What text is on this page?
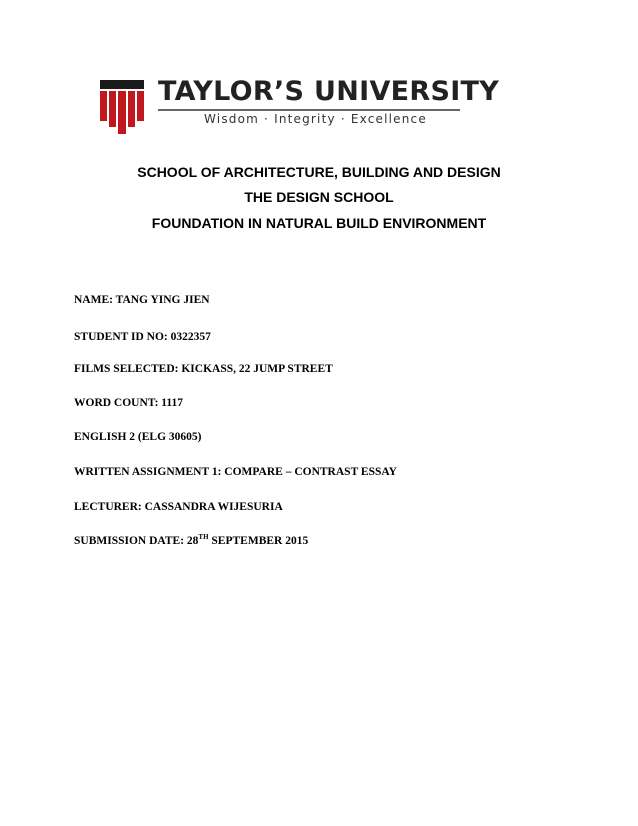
TAYLOR’S UNIVERSITY
Wisdom · Integrity · Excellence
SCHOOL OF ARCHITECTURE, BUILDING AND DESIGN
THE DESIGN SCHOOL
FOUNDATION IN NATURAL BUILD ENVIRONMENT
NAME: TANG YING JIEN
STUDENT ID NO: 0322357
FILMS SELECTED: KICKASS, 22 JUMP STREET
WORD COUNT: 1117
ENGLISH 2 (ELG 30605)
WRITTEN ASSIGNMENT 1: COMPARE – CONTRAST ESSAY
LECTURER: CASSANDRA WIJESURIA
SUBMISSION DATE: 28TH SEPTEMBER 2015
